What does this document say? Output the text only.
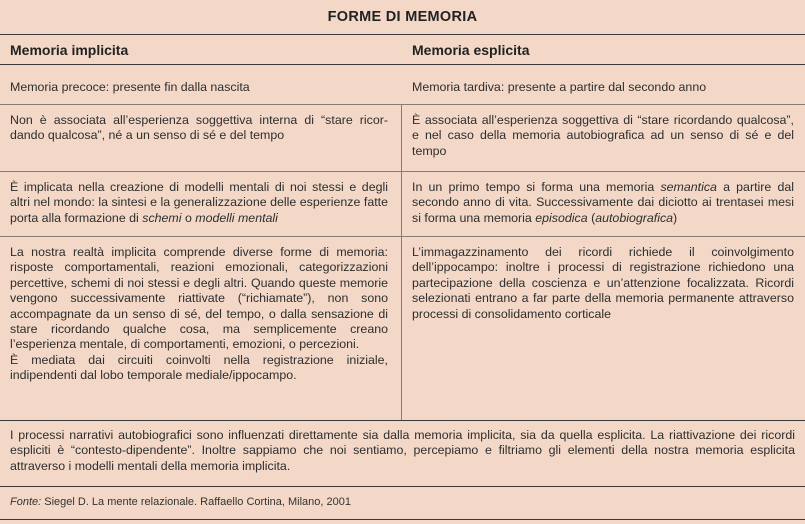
FORME DI MEMORIA
Memoria implicita	Memoria esplicita
Memoria precoce: presente fin dalla nascita	Memoria tardiva: presente a partire dal secondo anno
Non è associata all’esperienza soggettiva interna di “stare ricor-dando qualcosa”, né a un senso di sé e del tempo
È associata all’esperienza soggettiva di “stare ricordando qualcosa”, e nel caso della memoria autobiografica ad un senso di sé e del tempo
È implicata nella creazione di modelli mentali di noi stessi e degli altri nel mondo: la sintesi e la generalizzazione delle esperienze fatte porta alla formazione di schemi o modelli mentali
In un primo tempo si forma una memoria semantica a partire dal secondo anno di vita. Successivamente dai diciotto ai trentasei mesi si forma una memoria episodica (autobiografica)
La nostra realtà implicita comprende diverse forme di memoria: risposte comportamentali, reazioni emozionali, categorizzazioni percettive, schemi di noi stessi e degli altri. Quando queste memorie vengono successivamente riattivate (“richiamate”), non sono accompagnate da un senso di sé, del tempo, o dalla sensazione di stare ricordando qualche cosa, ma semplicemente creano l’esperienza mentale, di comportamenti, emozioni, o percezioni.
È mediata dai circuiti coinvolti nella registrazione iniziale, indipendenti dal lobo temporale mediale/ippocampo.
L’immagazzinamento dei ricordi richiede il coinvolgimento dell’ippocampo: inoltre i processi di registrazione richiedono una partecipazione della coscienza e un’attenzione focalizzata. Ricordi selezionati entrano a far parte della memoria permanente attraverso processi di consolidamento corticale
I processi narrativi autobiografici sono influenzati direttamente sia dalla memoria implicita, sia da quella esplicita. La riattivazione dei ricordi espliciti è “contesto-dipendente”. Inoltre sappiamo che noi sentiamo, percepiamo e filtriamo gli elementi della nostra memoria esplicita attraverso i modelli mentali della memoria implicita.
Fonte: Siegel D. La mente relazionale. Raffaello Cortina, Milano, 2001
